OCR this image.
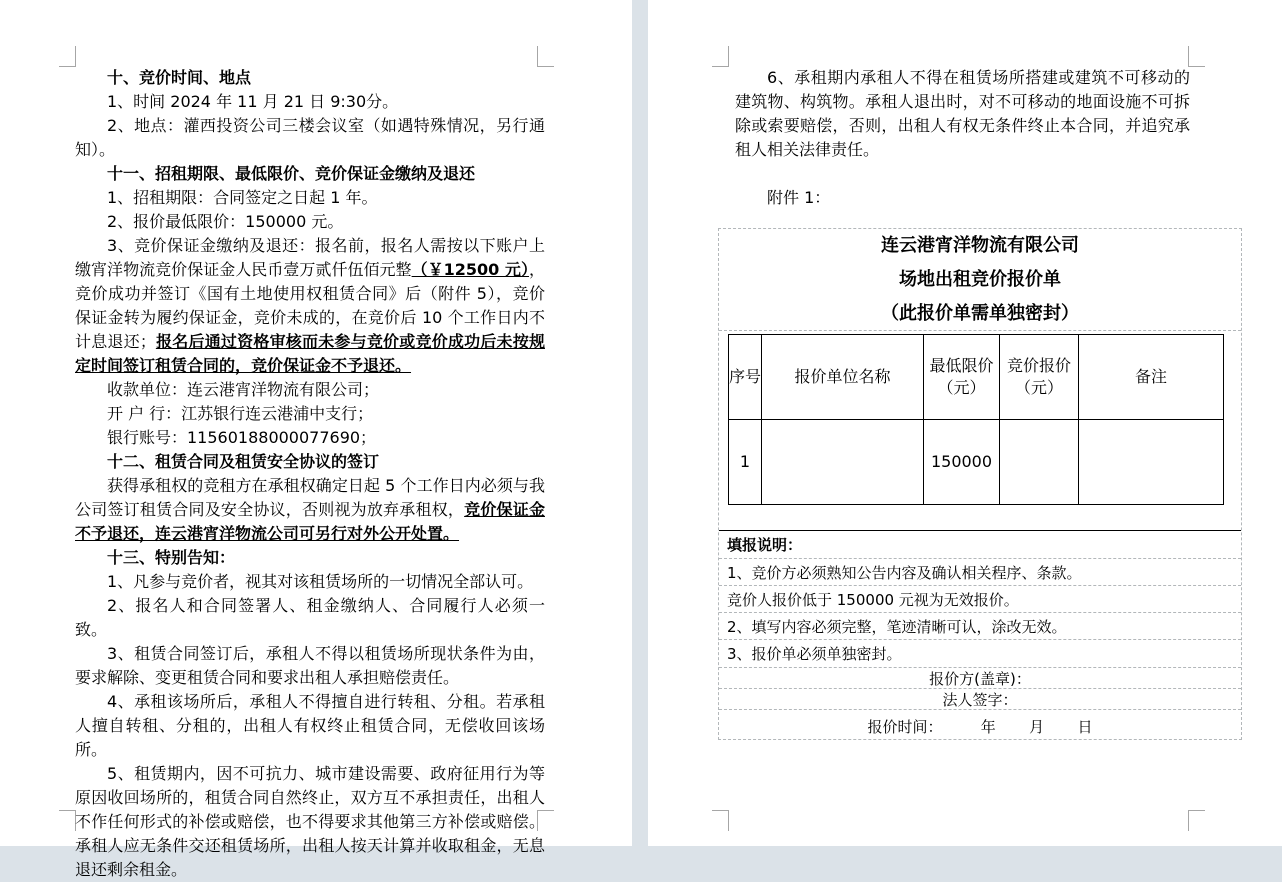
十、竞价时间、地点

1、时间 2024 年 11 月 21 日 9:30分。

2、地点：灌西投资公司三楼会议室（如遇特殊情况，另行通知）。

十一、招租期限、最低限价、竞价保证金缴纳及退还

1、招租期限：合同签定之日起 1 年。

2、报价最低限价：150000 元。

3、竞价保证金缴纳及退还：报名前，报名人需按以下账户上缴宵洋物流竞价保证金人民币壹万贰仟伍佰元整（￥12500 元），竞价成功并签订《国有土地使用权租赁合同》后（附件 5），竞价保证金转为履约保证金，竞价未成的，在竞价后 10 个工作日内不计息退还；报名后通过资格审核而未参与竞价或竞价成功后未按规定时间签订租赁合同的，竞价保证金不予退还。

收款单位：连云港宵洋物流有限公司；

开 户 行：江苏银行连云港浦中支行；

银行账号：11560188000077690；

十二、租赁合同及租赁安全协议的签订

获得承租权的竞租方在承租权确定日起 5 个工作日内必须与我公司签订租赁合同及安全协议，否则视为放弃承租权，竞价保证金不予退还，连云港宵洋物流公司可另行对外公开处置。

十三、特别告知：

1、凡参与竞价者，视其对该租赁场所的一切情况全部认可。

2、报名人和合同签署人、租金缴纳人、合同履行人必须一致。

3、租赁合同签订后，承租人不得以租赁场所现状条件为由，要求解除、变更租赁合同和要求出租人承担赔偿责任。

4、承租该场所后，承租人不得擅自进行转租、分租。若承租人擅自转租、分租的，出租人有权终止租赁合同，无偿收回该场所。

5、租赁期内，因不可抗力、城市建设需要、政府征用行为等原因收回场所的，租赁合同自然终止，双方互不承担责任，出租人不作任何形式的补偿或赔偿，也不得要求其他第三方补偿或赔偿。承租人应无条件交还租赁场所，出租人按天计算并收取租金，无息退还剩余租金。

6、承租期内承租人不得在租赁场所搭建或建筑不可移动的建筑物、构筑物。承租人退出时，对不可移动的地面设施不可拆除或索要赔偿，否则，出租人有权无条件终止本合同，并追究承租人相关法律责任。

附件 1：

连云港宵洋物流有限公司
场地出租竞价报价单
（此报价单需单独密封）
序号	报价单位名称	最低限价（元）	竞价报价（元）	备注
1		150000		
填报说明：
1、竞价方必须熟知公告内容及确认相关程序、条款。
竞价人报价低于 150000 元视为无效报价。
2、填写内容必须完整，笔迹清晰可认，涂改无效。
3、报价单必须单独密封。
报价方(盖章)：
法人签字：
报价时间：        年       月       日
